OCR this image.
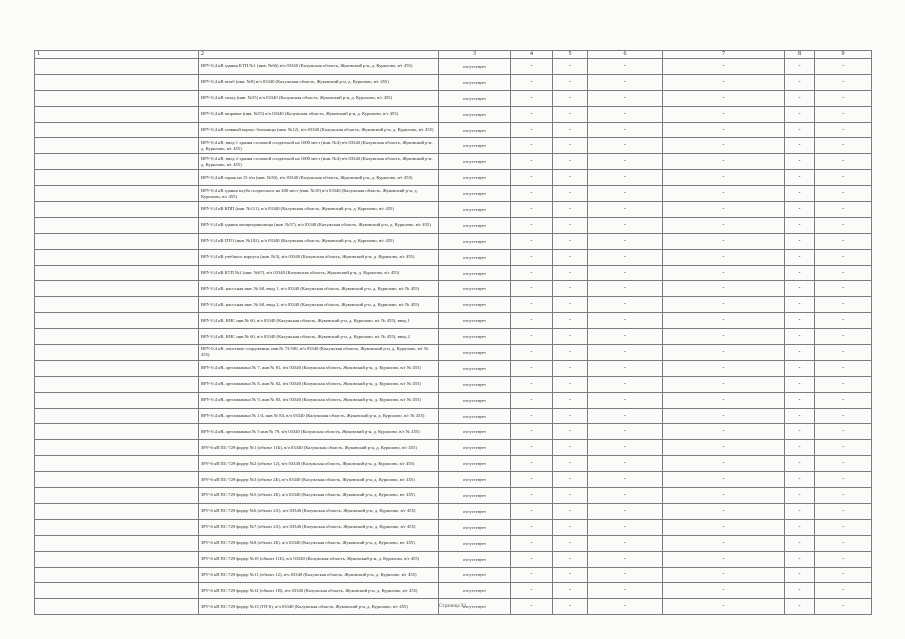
1	2	3	4	5	6	7	8	9
	ВРУ-0,4 кВ здания КТП №1 (инв. №66) в/ч 03340 (Калужская область, Жуковский р-н, д. Курилово, в/г 455)	отсутствует	-	-	-	-	-	-
	ВРУ-0,4 кВ штаб (инв. №8) в/ч 03340 (Калужская область, Жуковский р-н, д. Курилово, в/г 455)	отсутствует	-	-	-	-	-	-
	ВРУ-0,4 кВ склад (инв. №55) в/ч 03340 (Калужская область, Жуковский р-н, д. Курилово, в/г 455)	отсутствует	-	-	-	-	-	-
	ВРУ-0,4 кВ заправка (инв. №55) в/ч 03340 (Калужская область, Жуковский р-н, д. Курилово, в/г 455)	отсутствует	-	-	-	-	-	-
	ВРУ-0,4 кВ главный корпус больницы (инв. №12), в/ч 03340 (Калужская область, Жуковский р-н, д. Курилово, в/г 455)	отсутствует	-	-	-	-	-	-
	ВРУ-0,4 кВ, ввод 1 здания столовой солдатской на 1000 мест (инв. №4) в/ч 03340 (Калужская область, Жуковский р-н, д. Курилово, в/г 455)	отсутствует	-	-	-	-	-	-
	ВРУ-0,4 кВ, ввод 2 здания столовой солдатской на 1000 мест (инв. №4) в/ч 03340 (Калужская область, Жуковский р-н, д. Курилово, в/г 455)	отсутствует	-	-	-	-	-	-
	ВРУ-0,4 кВ гараж на 15 а/м (инв. №50), в/ч 03340 (Калужская область, Жуковский р-н, д. Курилово, в/г 455)	отсутствует	-	-	-	-	-	-
	ВРУ-0,4 кВ здания клуба солдатского на 400 мест (инв. №10) в/ч 03340 (Калужская область, Жуковский р-н, д. Курилово, в/г 455)	отсутствует	-	-	-	-	-	-
	ВРУ-0,4 кВ КПП (инв. №111), в/ч 03340 (Калужская область, Жуковский р-н, д. Курилово, в/г 455)	отсутствует	-	-	-	-	-	-
	ВРУ-0,4 кВ здания овощехранилища (инв. №57), в/ч 03340 (Калужская область, Жуковский р-н, д. Курилово, в/г 455)	отсутствует	-	-	-	-	-	-
	ВРУ-0,4 кВ ПТО (инв. №102), в/ч 03340 (Калужская область, Жуковский р-н, д. Курилово, в/г 455)	отсутствует	-	-	-	-	-	-
	ВРУ-0,4 кВ учебного корпуса (инв. №3), в/ч 03340 (Калужская область, Жуковский р-н, д. Курилово, в/г 455)	отсутствует	-	-	-	-	-	-
	ВРУ-0,4 кВ КТП №2 (инв. №67), в/ч 03340 (Калужская область, Жуковский р-н, д. Курилово, в/г 455)	отсутствует	-	-	-	-	-	-
	ВРУ-0,4 кВ, насосная инв. № 68, ввод 1, в/ч 03340 (Калужская область, Жуковский р-н, д. Курилово, в/г № 455)	отсутствует	-	-	-	-	-	-
	ВРУ-0,4 кВ, насосная инв. № 68, ввод 2, в/ч 03340 (Калужская область, Жуковский р-н, д. Курилово, в/г № 455)	отсутствует	-	-	-	-	-	-
	ВРУ-0,4 кВ, КНС инв.№ 60, в/ч 03340 (Калужская область, Жуковский р-н, д. Курилово, в/г № 455), ввод 1	отсутствует	-	-	-	-	-	-
	ВРУ-0,4 кВ, КНС инв.№ 60, в/ч 03340 (Калужская область, Жуковский р-н, д. Курилово, в/г № 455), ввод 2	отсутствует	-	-	-	-	-	-
	ВРУ-0,4 кВ, очистные сооружения, инв.№ 73/100, в/ч 03340 (Калужская область, Жуковский р-н, д. Курилово, в/г № 455)	отсутствует	-	-	-	-	-	-
	ВРУ-0,4 кВ, артскважина № 7, инв № 81, в/ч 03340 (Калужская область, Жуковский р-н, д. Курилово, в/г № 455)	отсутствует	-	-	-	-	-	-
	ВРУ-0,4 кВ, артскважина № 8, инв № 82, в/ч 03340 (Калужская область, Жуковский р-н, д. Курилово, в/г № 455)	отсутствует	-	-	-	-	-	-
	ВРУ-0,4 кВ, артскважина № 9, инв № 83, в/ч 03340 (Калужская область, Жуковский р-н, д. Курилово, в/г № 455)	отсутствует	-	-	-	-	-	-
	ВРУ-0,4 кВ, артскважина № 1/4, инв № 84, в/ч 03340 (Калужская область, Жуковский р-н, д. Курилово, в/г № 455)	отсутствует	-	-	-	-	-	-
	ВРУ-0,4 кВ, артскважина № 5 инв № 79, в/ч 03340 (Калужская область, Жуковский р-н, д. Курилово, в/г № 455)	отсутствует	-	-	-	-	-	-
	ЗРУ-6 кВ ПС-729 фидер №1 (объект 11Б), в/ч 03340 (Калужская область, Жуковский р-н, д. Курилово, в/г 455)	отсутствует	-	-	-	-	-	-
	ЗРУ-6 кВ ПС-729 фидер №2 (объект 12), в/ч 03340 (Калужская область, Жуковский р-н, д. Курилово, в/г 455)	отсутствует	-	-	-	-	-	-
	ЗРУ-6 кВ ПС-729 фидер №3 (объект 2Б), в/ч 03340 (Калужская область, Жуковский р-н, д. Курилово, в/г 455)	отсутствует	-	-	-	-	-	-
	ЗРУ-6 кВ ПС-729 фидер №5 (объект 2Б), в/ч 03340 (Калужская область, Жуковский р-н, д. Курилово, в/г 455)	отсутствует	-	-	-	-	-	-
	ЗРУ-6 кВ ПС-729 фидер №6 (объект 2А), в/ч 03340 (Калужская область, Жуковский р-н, д. Курилово, в/г 455)	отсутствует	-	-	-	-	-	-
	ЗРУ-6 кВ ПС-729 фидер №7 (объект 2А), в/ч 03340 (Калужская область, Жуковский р-н, д. Курилово, в/г 455)	отсутствует	-	-	-	-	-	-
	ЗРУ-6 кВ ПС-729 фидер №8 (объект 2Б), в/ч 03340 (Калужская область, Жуковский р-н, д. Курилово, в/г 455)	отсутствует	-	-	-	-	-	-
	ЗРУ-6 кВ ПС-729 фидер №10 (объект 11Б), в/ч 03340 (Калужская область, Жуковский р-н, д. Курилово, в/г 455)	отсутствует	-	-	-	-	-	-
	ЗРУ-6 кВ ПС-729 фидер №11 (объект 12), в/ч 03340 (Калужская область, Жуковский р-н, д. Курилово, в/г 455)	отсутствует	-	-	-	-	-	-
	ЗРУ-6 кВ ПС-729 фидер №12 (объект 1В), в/ч 03340 (Калужская область, Жуковский р-н, д. Курилово, в/г 455)	отсутствует	-	-	-	-	-	-
	ЗРУ-6 кВ ПС-729 фидер №13 (ТП-6), в/ч 03340 (Калужская область, Жуковский р-н, д. Курилово, в/г 455)	отсутствует	-	-	-	-	-	-
Страница 93
